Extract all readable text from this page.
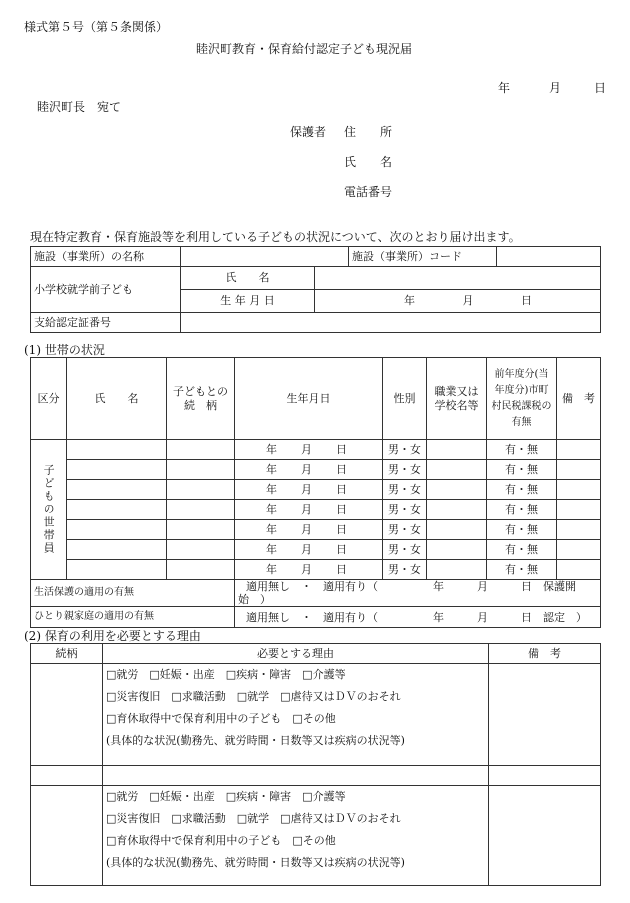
様式第５号（第５条関係）
睦沢町教育・保育給付認定子ども現況届
年	月	日
睦沢町長　宛て
保護者 住　　所
氏　　名
電話番号
現在特定教育・保育施設等を利用している子どもの状況について、次のとおり届け出ます。
施設（事業所）の名称			施設（事業所）コード	
小学校就学前子ども	氏　　名			
	生 年 月 日	年 月 日		
支給認定証番号				
(1) 世帯の状況
区分	氏　　名	子どもとの続　柄	生年月日	性別	職業又は学校名等	前年度分(当年度分)市町村民税課税の有無	備　考

子どもの世帯員			年 月 日	男・女		有・無	
			年 月 日	男・女		有・無	
			年 月 日	男・女		有・無	
			年 月 日	男・女		有・無	
			年 月 日	男・女		有・無	
			年 月 日	男・女		有・無	
			年 月 日	男・女		有・無	
生活保護の適用の有無			適用無し　・　適用有り（　　　　　年　　　月　　　日　保護開始　）				
ひとり親家庭の適用の有無			適用無し　・　適用有り（　　　　　年　　　月　　　日　認定　）				
(2) 保育の利用を必要とする理由
続柄	必要とする理由	備　考

	□就労　□妊娠・出産　□疾病・障害　□介護等

□災害復旧　□求職活動　□就学　□虐待又はＤＶのおそれ

□育休取得中で保育利用中の子ども　□その他

(具体的な状況(勤務先、就労時間・日数等又は疾病の状況等)	

	□就労　□妊娠・出産　□疾病・障害　□介護等

□災害復旧　□求職活動　□就学　□虐待又はＤＶのおそれ

□育休取得中で保育利用中の子ども　□その他

(具体的な状況(勤務先、就労時間・日数等又は疾病の状況等)	
